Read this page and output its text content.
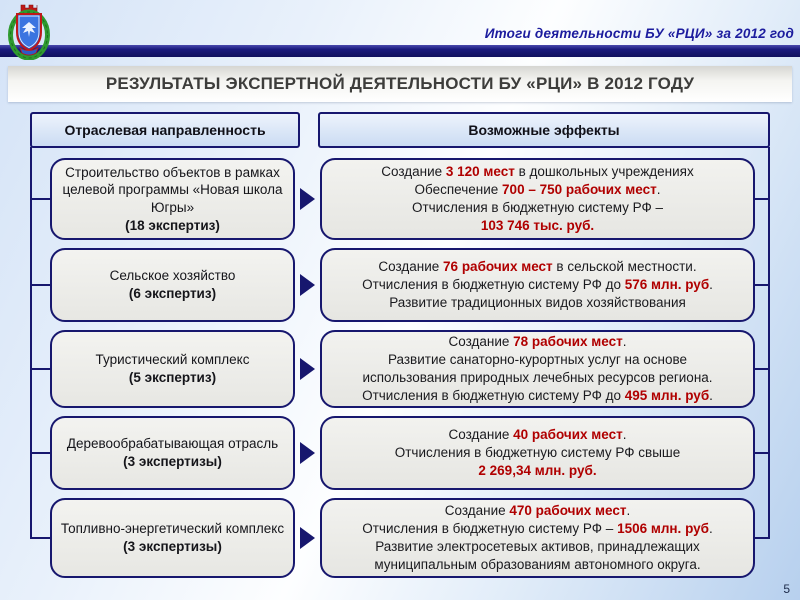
Итоги деятельности БУ «РЦИ» за 2012 год
РЕЗУЛЬТАТЫ ЭКСПЕРТНОЙ ДЕЯТЕЛЬНОСТИ БУ «РЦИ» В 2012 ГОДУ
Отраслевая направленность	Возможные эффекты
Строительство объектов в рамках целевой программы «Новая школа Югры»
(18 экспертиз)
Создание 3 120 мест в дошкольных учреждениях
Обеспечение 700 – 750 рабочих мест.
Отчисления в бюджетную систему РФ –
103 746 тыс. руб.
Сельское хозяйство
(6 экспертиз)
Создание 76 рабочих мест в сельской местности.
Отчисления в бюджетную систему РФ до 576 млн. руб.
Развитие традиционных видов хозяйствования
Туристический комплекс
(5 экспертиз)
Создание 78 рабочих мест.
Развитие санаторно-курортных услуг на основе
использования природных лечебных ресурсов региона.
Отчисления в бюджетную систему РФ до 495 млн. руб.
Деревообрабатывающая отрасль
(3 экспертизы)
Создание 40 рабочих мест.
Отчисления в бюджетную систему РФ свыше
2 269,34 млн. руб.
Топливно-энергетический комплекс
(3 экспертизы)
Создание 470 рабочих мест.
Отчисления в бюджетную систему РФ – 1506 млн. руб.
Развитие электросетевых активов, принадлежащих
муниципальным образованиям автономного округа.
5
